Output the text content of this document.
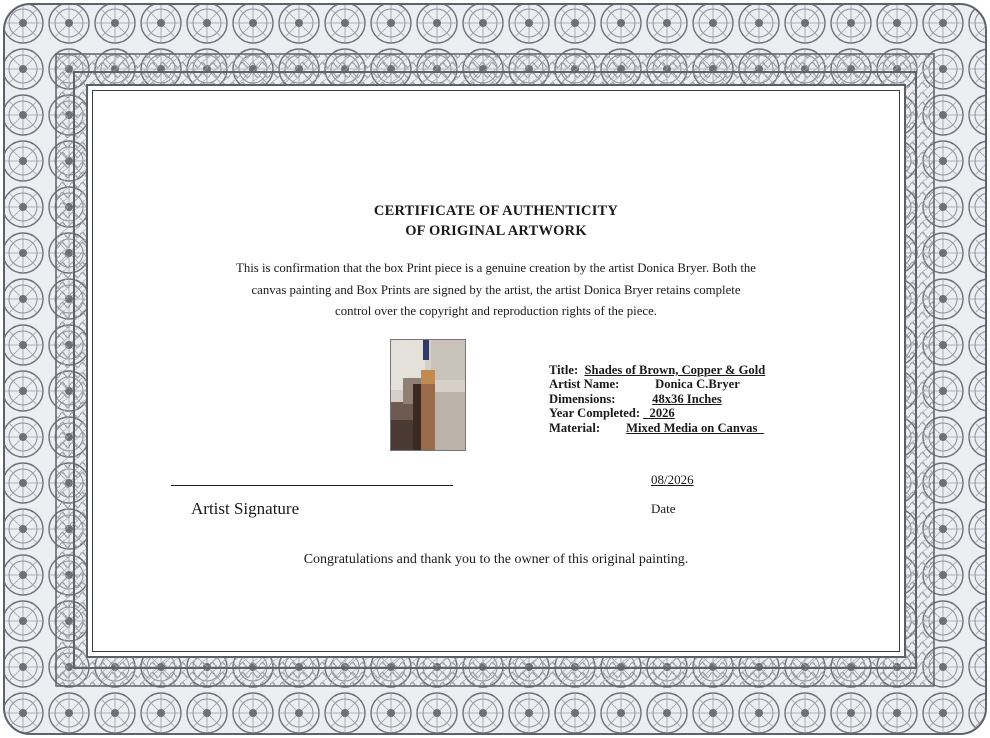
CERTIFICATE OF AUTHENTICITY
OF ORIGINAL ARTWORK
This is confirmation that the box Print piece is a genuine creation by the artist Donica Bryer. Both the
canvas painting and Box Prints are signed by the artist, the artist Donica Bryer retains complete
control over the copyright and reproduction rights of the piece.
Title: Shades of Brown, Copper & Gold
Artist Name:	Donica C.Bryer
Dimensions:	48x36 Inches
Year Completed: _2026
Material: Mixed Media on Canvas_
Artist Signature
08/2026
Date
Congratulations and thank you to the owner of this original painting.
